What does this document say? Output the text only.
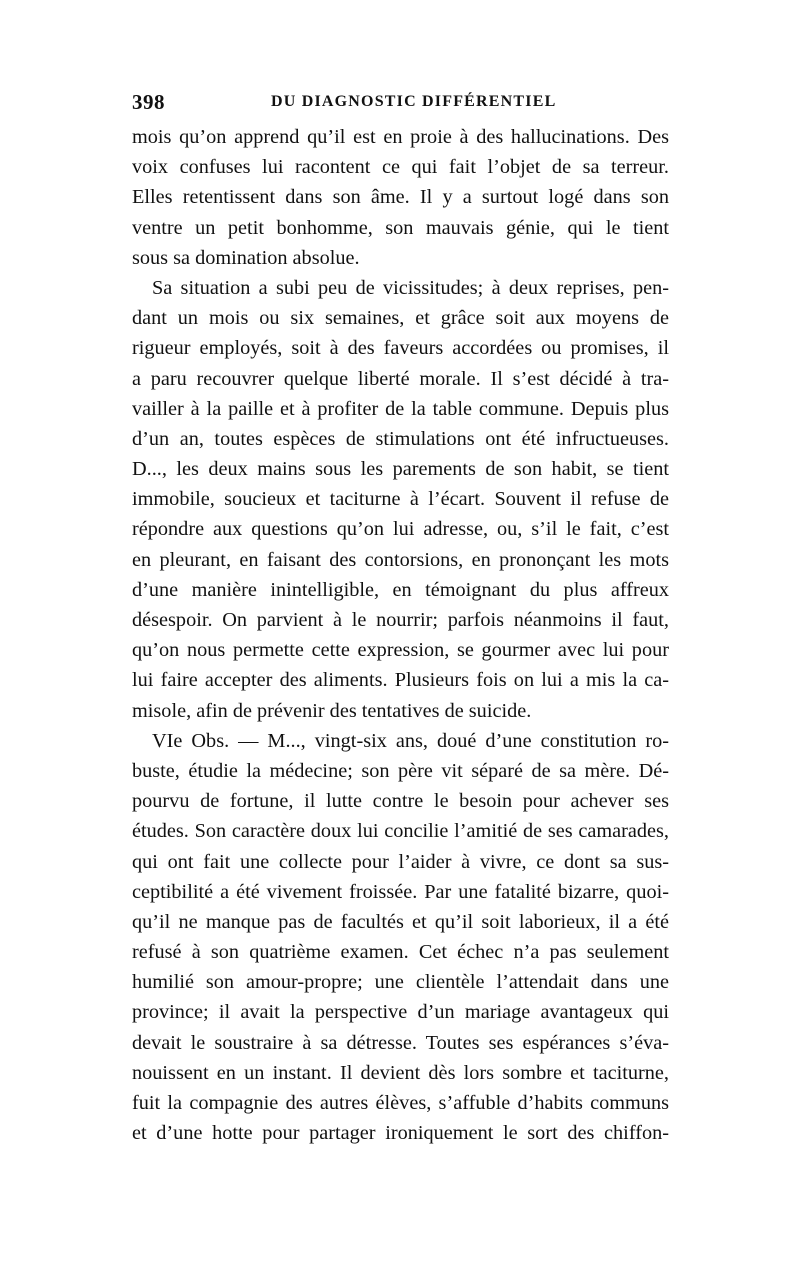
398	DU DIAGNOSTIC DIFFÉRENTIEL
mois qu’on apprend qu’il est en proie à des hallucinations. Des
voix confuses lui racontent ce qui fait l’objet de sa terreur.
Elles retentissent dans son âme. Il y a surtout logé dans son
ventre un petit bonhomme, son mauvais génie, qui le tient
sous sa domination absolue.
Sa situation a subi peu de vicissitudes; à deux reprises, pen-
dant un mois ou six semaines, et grâce soit aux moyens de
rigueur employés, soit à des faveurs accordées ou promises, il
a paru recouvrer quelque liberté morale. Il s’est décidé à tra-
vailler à la paille et à profiter de la table commune. Depuis plus
d’un an, toutes espèces de stimulations ont été infructueuses.
D..., les deux mains sous les parements de son habit, se tient
immobile, soucieux et taciturne à l’écart. Souvent il refuse de
répondre aux questions qu’on lui adresse, ou, s’il le fait, c’est
en pleurant, en faisant des contorsions, en prononçant les mots
d’une manière inintelligible, en témoignant du plus affreux
désespoir. On parvient à le nourrir; parfois néanmoins il faut,
qu’on nous permette cette expression, se gourmer avec lui pour
lui faire accepter des aliments. Plusieurs fois on lui a mis la ca-
misole, afin de prévenir des tentatives de suicide.
VIe Obs. — M..., vingt-six ans, doué d’une constitution ro-
buste, étudie la médecine; son père vit séparé de sa mère. Dé-
pourvu de fortune, il lutte contre le besoin pour achever ses
études. Son caractère doux lui concilie l’amitié de ses camarades,
qui ont fait une collecte pour l’aider à vivre, ce dont sa sus-
ceptibilité a été vivement froissée. Par une fatalité bizarre, quoi-
qu’il ne manque pas de facultés et qu’il soit laborieux, il a été
refusé à son quatrième examen. Cet échec n’a pas seulement
humilié son amour-propre; une clientèle l’attendait dans une
province; il avait la perspective d’un mariage avantageux qui
devait le soustraire à sa détresse. Toutes ses espérances s’éva-
nouissent en un instant. Il devient dès lors sombre et taciturne,
fuit la compagnie des autres élèves, s’affuble d’habits communs
et d’une hotte pour partager ironiquement le sort des chiffon-
